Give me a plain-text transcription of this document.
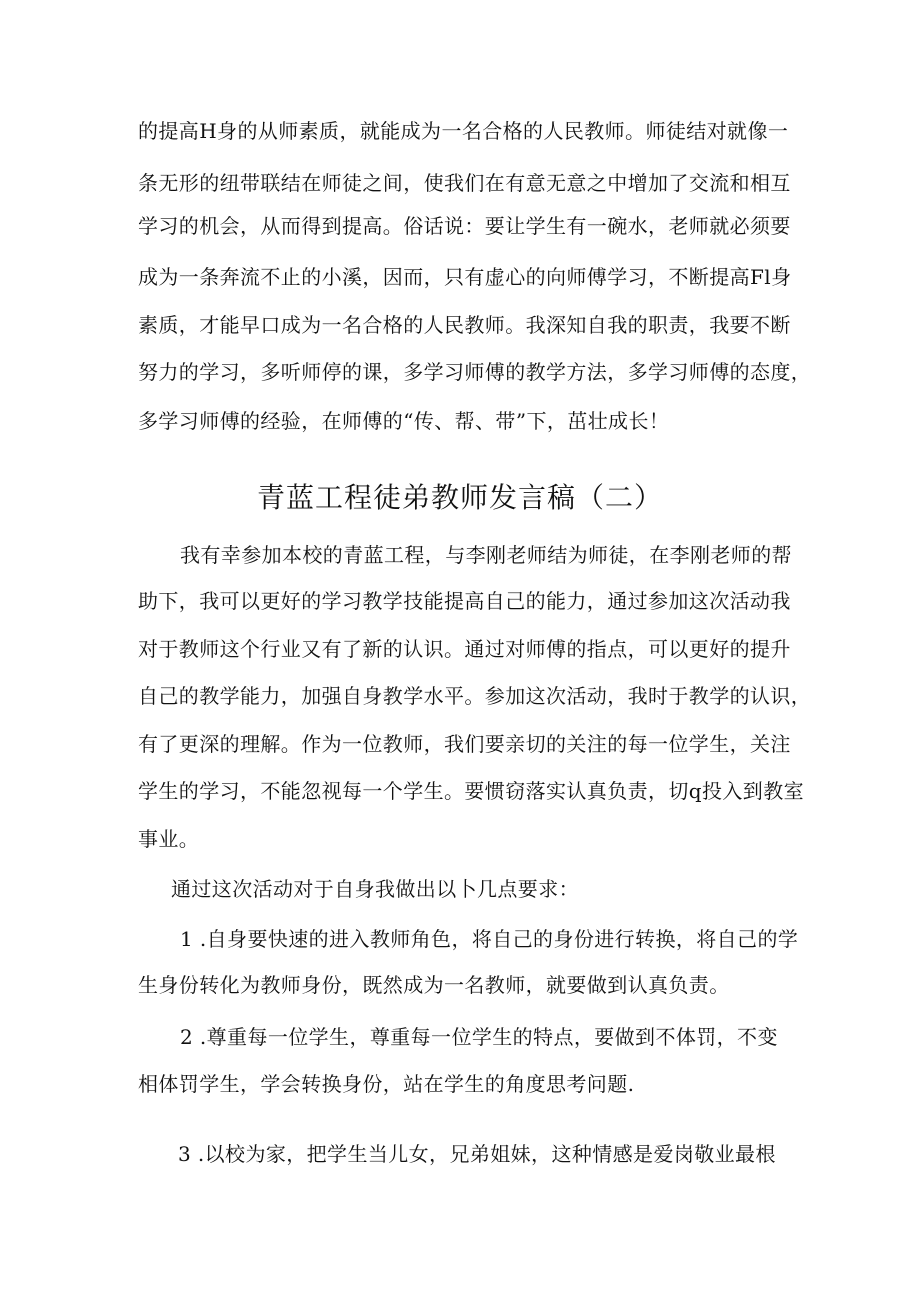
的提高H身的从师素质，就能成为一名合格的人民教师。师徒结对就像一
条无形的纽带联结在师徒之间，使我们在有意无意之中增加了交流和相互
学习的机会，从而得到提高。俗话说：要让学生有一碗水，老师就必须要
成为一条奔流不止的小溪，因而，只有虚心的向师傅学习，不断提高Fl身
素质，才能早口成为一名合格的人民教师。我深知自我的职责，我要不断
努力的学习，多听师停的课，多学习师傅的教学方法，多学习师傅的态度，
多学习师傅的经验，在师傅的“传、帮、带”下，茁壮成长！
青蓝工程徒弟教师发言稿（二）
我有幸参加本校的青蓝工程，与李刚老师结为师徒，在李刚老师的帮
助下，我可以更好的学习教学技能提高自己的能力，通过参加这次活动我
对于教师这个行业又有了新的认识。通过对师傅的指点，可以更好的提升
自己的教学能力，加强自身教学水平。参加这次活动，我时于教学的认识，
有了更深的理解。作为一位教师，我们要亲切的关注的每一位学生，关注
学生的学习，不能忽视每一个学生。要惯窃落实认真负责，切q投入到教室
事业。
通过这次活动对于自身我做出以卜几点要求：
1 .自身要快速的进入教师角色，将自己的身份进行转换，将自己的学
生身份转化为教师身份，既然成为一名教师，就要做到认真负责。
2 .尊重每一位学生，尊重每一位学生的特点，要做到不体罚，不变
相体罚学生，学会转换身份，站在学生的角度思考问题.
3 .以校为家，把学生当儿女，兄弟姐妹，这种情感是爱岗敬业最根
